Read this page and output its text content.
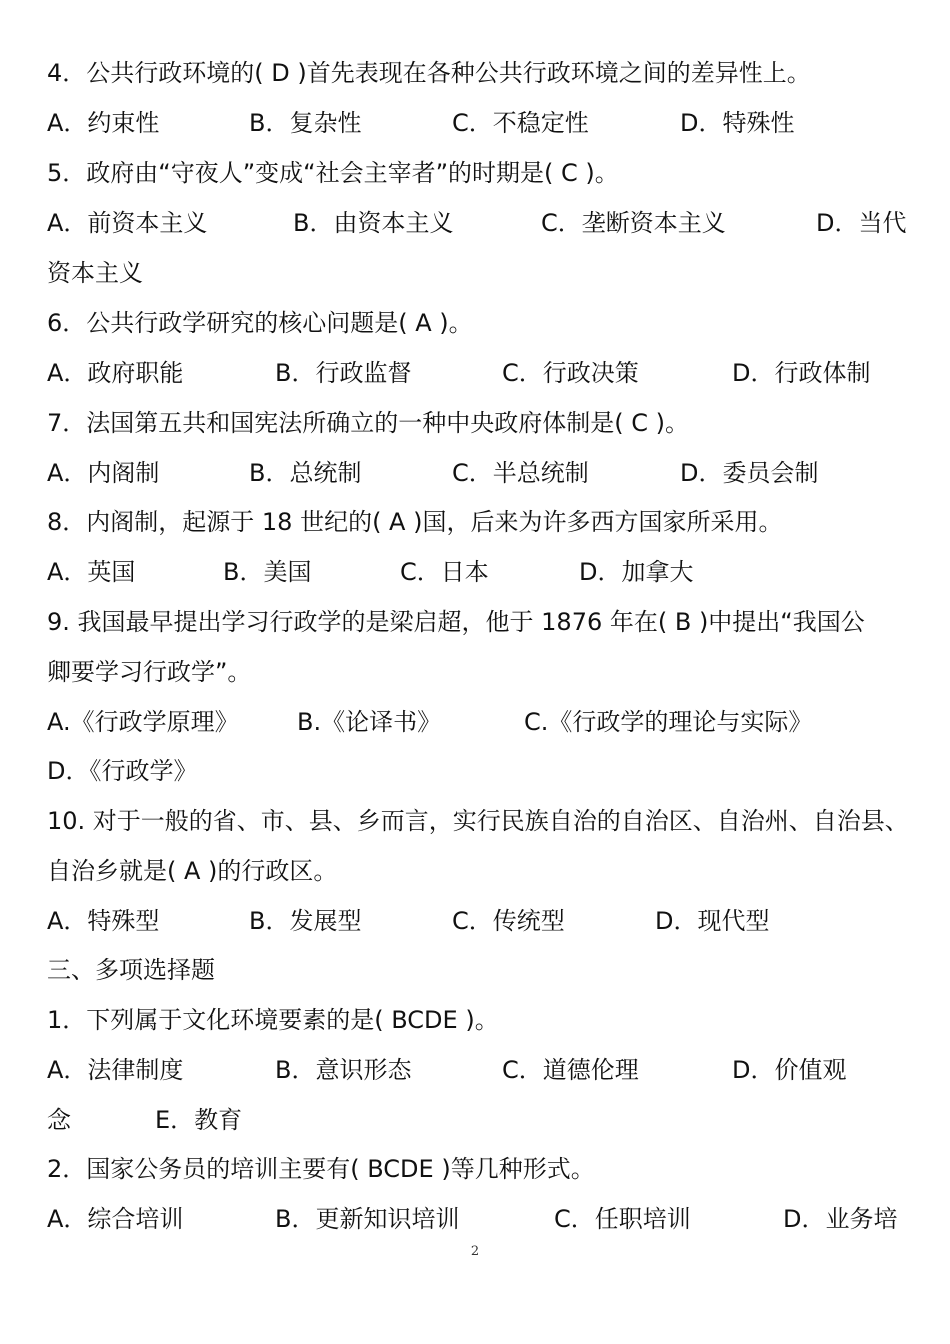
4．公共行政环境的( D )首先表现在各种公共行政环境之间的差异性上。
A．约束性	B．复杂性	C．不稳定性	D．特殊性
5．政府由“守夜人”变成“社会主宰者”的时期是( C )。
A．前资本主义	B．由资本主义	C．垄断资本主义	D．当代
资本主义
6．公共行政学研究的核心问题是( A )。
A．政府职能	B．行政监督	C．行政决策	D．行政体制
7．法国第五共和国宪法所确立的一种中央政府体制是( C )。
A．内阁制	B．总统制	C．半总统制	D．委员会制
8．内阁制，起源于 18 世纪的( A )国，后来为许多西方国家所采用。
A．英国	B．美国	C．日本	D．加拿大
9. 我国最早提出学习行政学的是梁启超，他于 1876 年在( B )中提出“我国公
卿要学习行政学”。
A.《行政学原理》 B.《论译书》	C.《行政学的理论与实际》
D．《行政学》
10. 对于一般的省、市、县、乡而言，实行民族自治的自治区、自治州、自治县、
自治乡就是( A )的行政区。
A．特殊型	B．发展型	C．传统型	D．现代型
三、多项选择题
1．下列属于文化环境要素的是( BCDE )。
A．法律制度	B．意识形态	C．道德伦理	D．价值观
念	E．教育
2．国家公务员的培训主要有( BCDE )等几种形式。
A．综合培训	B．更新知识培训	C．任职培训	D．业务培
2
